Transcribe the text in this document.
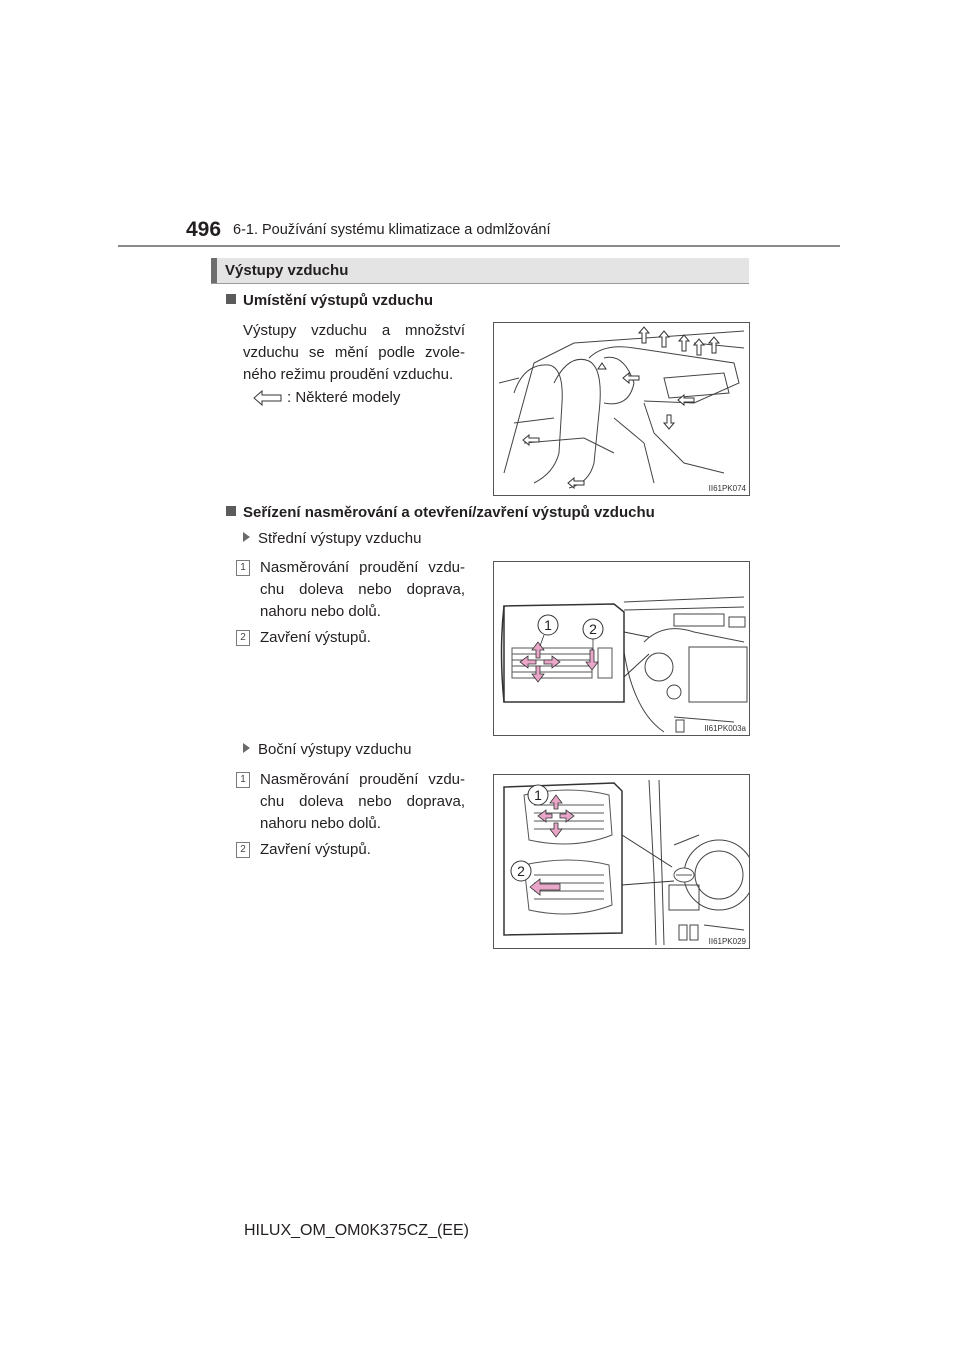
496 6-1. Používání systému klimatizace a odmlžování
Výstupy vzduchu
Umístění výstupů vzduchu
Výstupy vzduchu a množství
vzduchu se mění podle zvole-
ného režimu proudění vzduchu.
: Některé modely
II61PK074
Seřízení nasměrování a otevření/zavření výstupů vzduchu
Střední výstupy vzduchu
1 Nasměrování proudění vzdu-
chu doleva nebo doprava,
nahoru nebo dolů.
2 Zavření výstupů.
1	2
II61PK003a
Boční výstupy vzduchu
1 Nasměrování proudění vzdu-
chu doleva nebo doprava,
nahoru nebo dolů.
2 Zavření výstupů.
1
2
II61PK029
HILUX_OM_OM0K375CZ_(EE)
